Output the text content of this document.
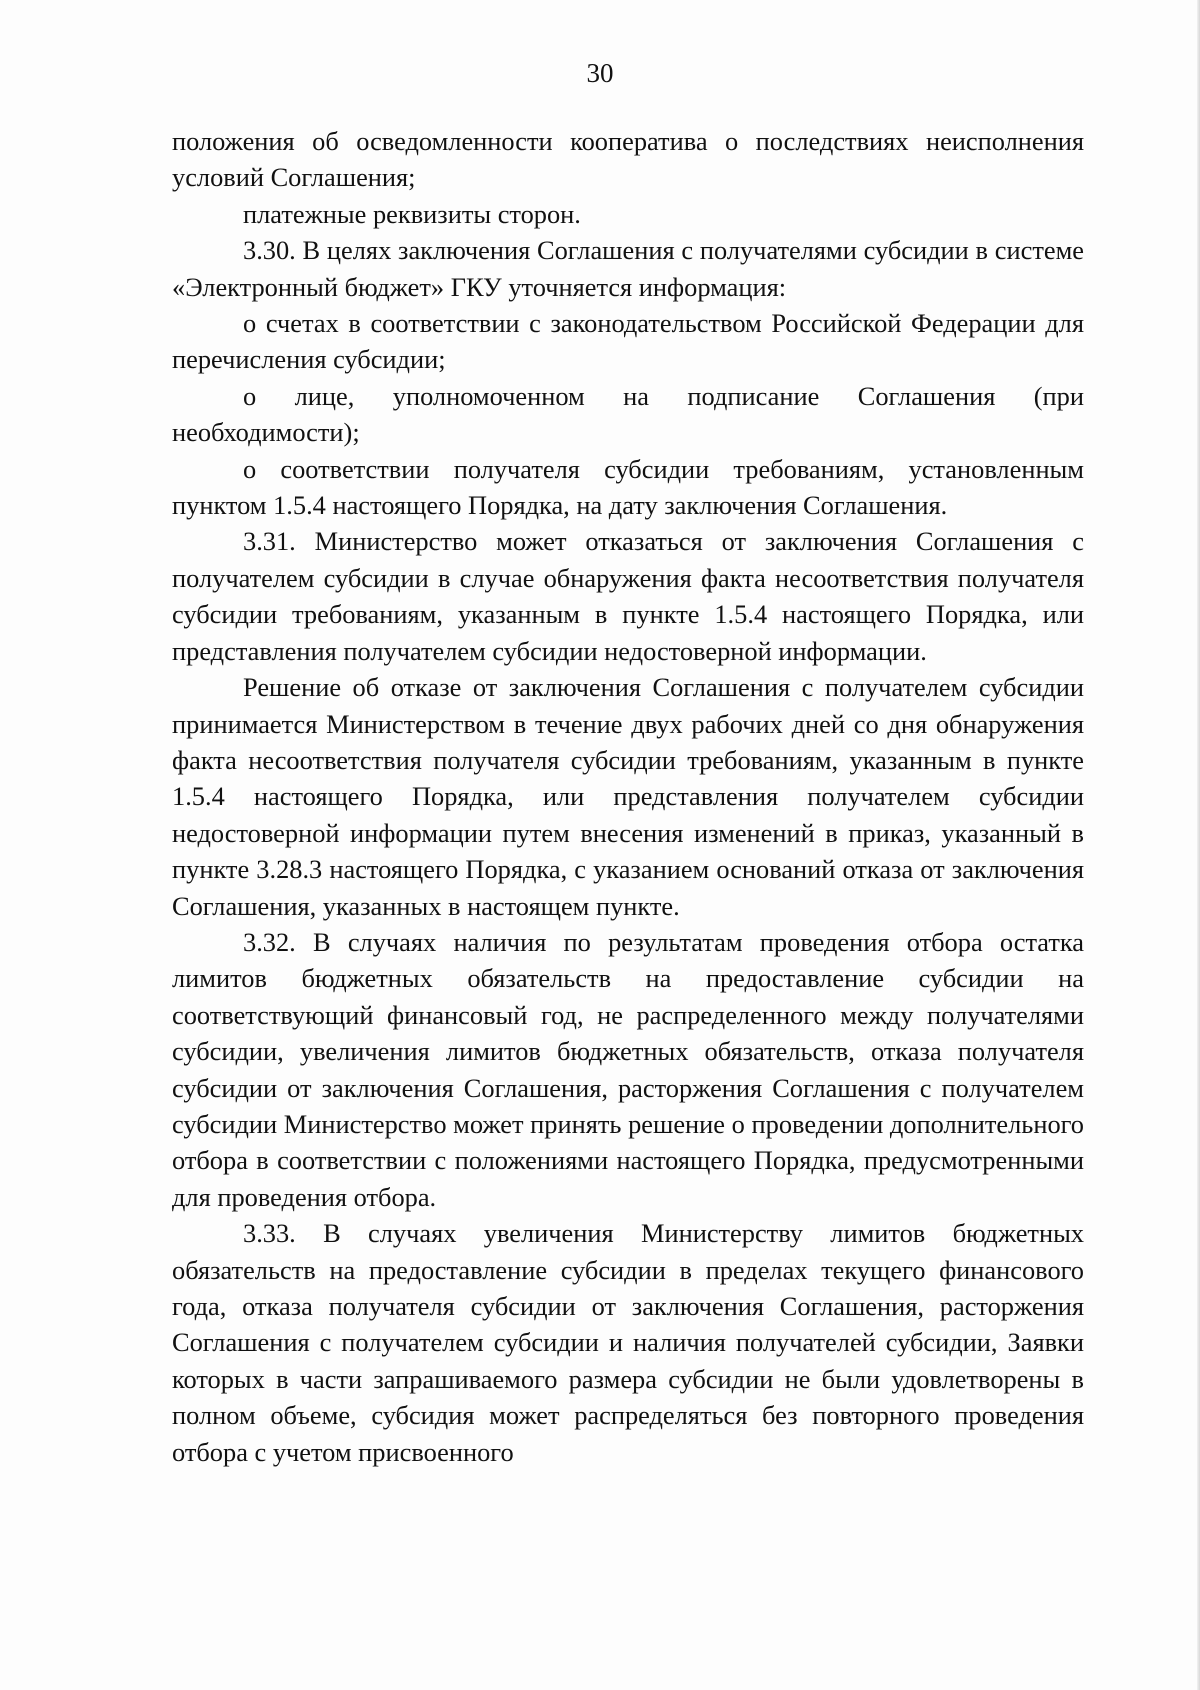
30

положения об осведомленности кооператива о последствиях неисполнения условий Соглашения;

платежные реквизиты сторон.

3.30. В целях заключения Соглашения с получателями субсидии в системе «Электронный бюджет» ГКУ уточняется информация:

о счетах в соответствии с законодательством Российской Федерации для перечисления субсидии;

о лице, уполномоченном на подписание Соглашения (при необходимости);

о соответствии получателя субсидии требованиям, установленным пунктом 1.5.4 настоящего Порядка, на дату заключения Соглашения.

3.31. Министерство может отказаться от заключения Соглашения с получателем субсидии в случае обнаружения факта несоответствия получателя субсидии требованиям, указанным в пункте 1.5.4 настоящего Порядка, или представления получателем субсидии недостоверной информации.

Решение об отказе от заключения Соглашения с получателем субсидии принимается Министерством в течение двух рабочих дней со дня обнаружения факта несоответствия получателя субсидии требованиям, указанным в пункте 1.5.4 настоящего Порядка, или представления получателем субсидии недостоверной информации путем внесения изменений в приказ, указанный в пункте 3.28.3 настоящего Порядка, с указанием оснований отказа от заключения Соглашения, указанных в настоящем пункте.

3.32. В случаях наличия по результатам проведения отбора остатка лимитов бюджетных обязательств на предоставление субсидии на соответствующий финансовый год, не распределенного между получателями субсидии, увеличения лимитов бюджетных обязательств, отказа получателя субсидии от заключения Соглашения, расторжения Соглашения с получателем субсидии Министерство может принять решение о проведении дополнительного отбора в соответствии с положениями настоящего Порядка, предусмотренными для проведения отбора.

3.33. В случаях увеличения Министерству лимитов бюджетных обязательств на предоставление субсидии в пределах текущего финансового года, отказа получателя субсидии от заключения Соглашения, расторжения Соглашения с получателем субсидии и наличия получателей субсидии, Заявки которых в части запрашиваемого размера субсидии не были удовлетворены в полном объеме, субсидия может распределяться без повторного проведения отбора с учетом присвоенного
